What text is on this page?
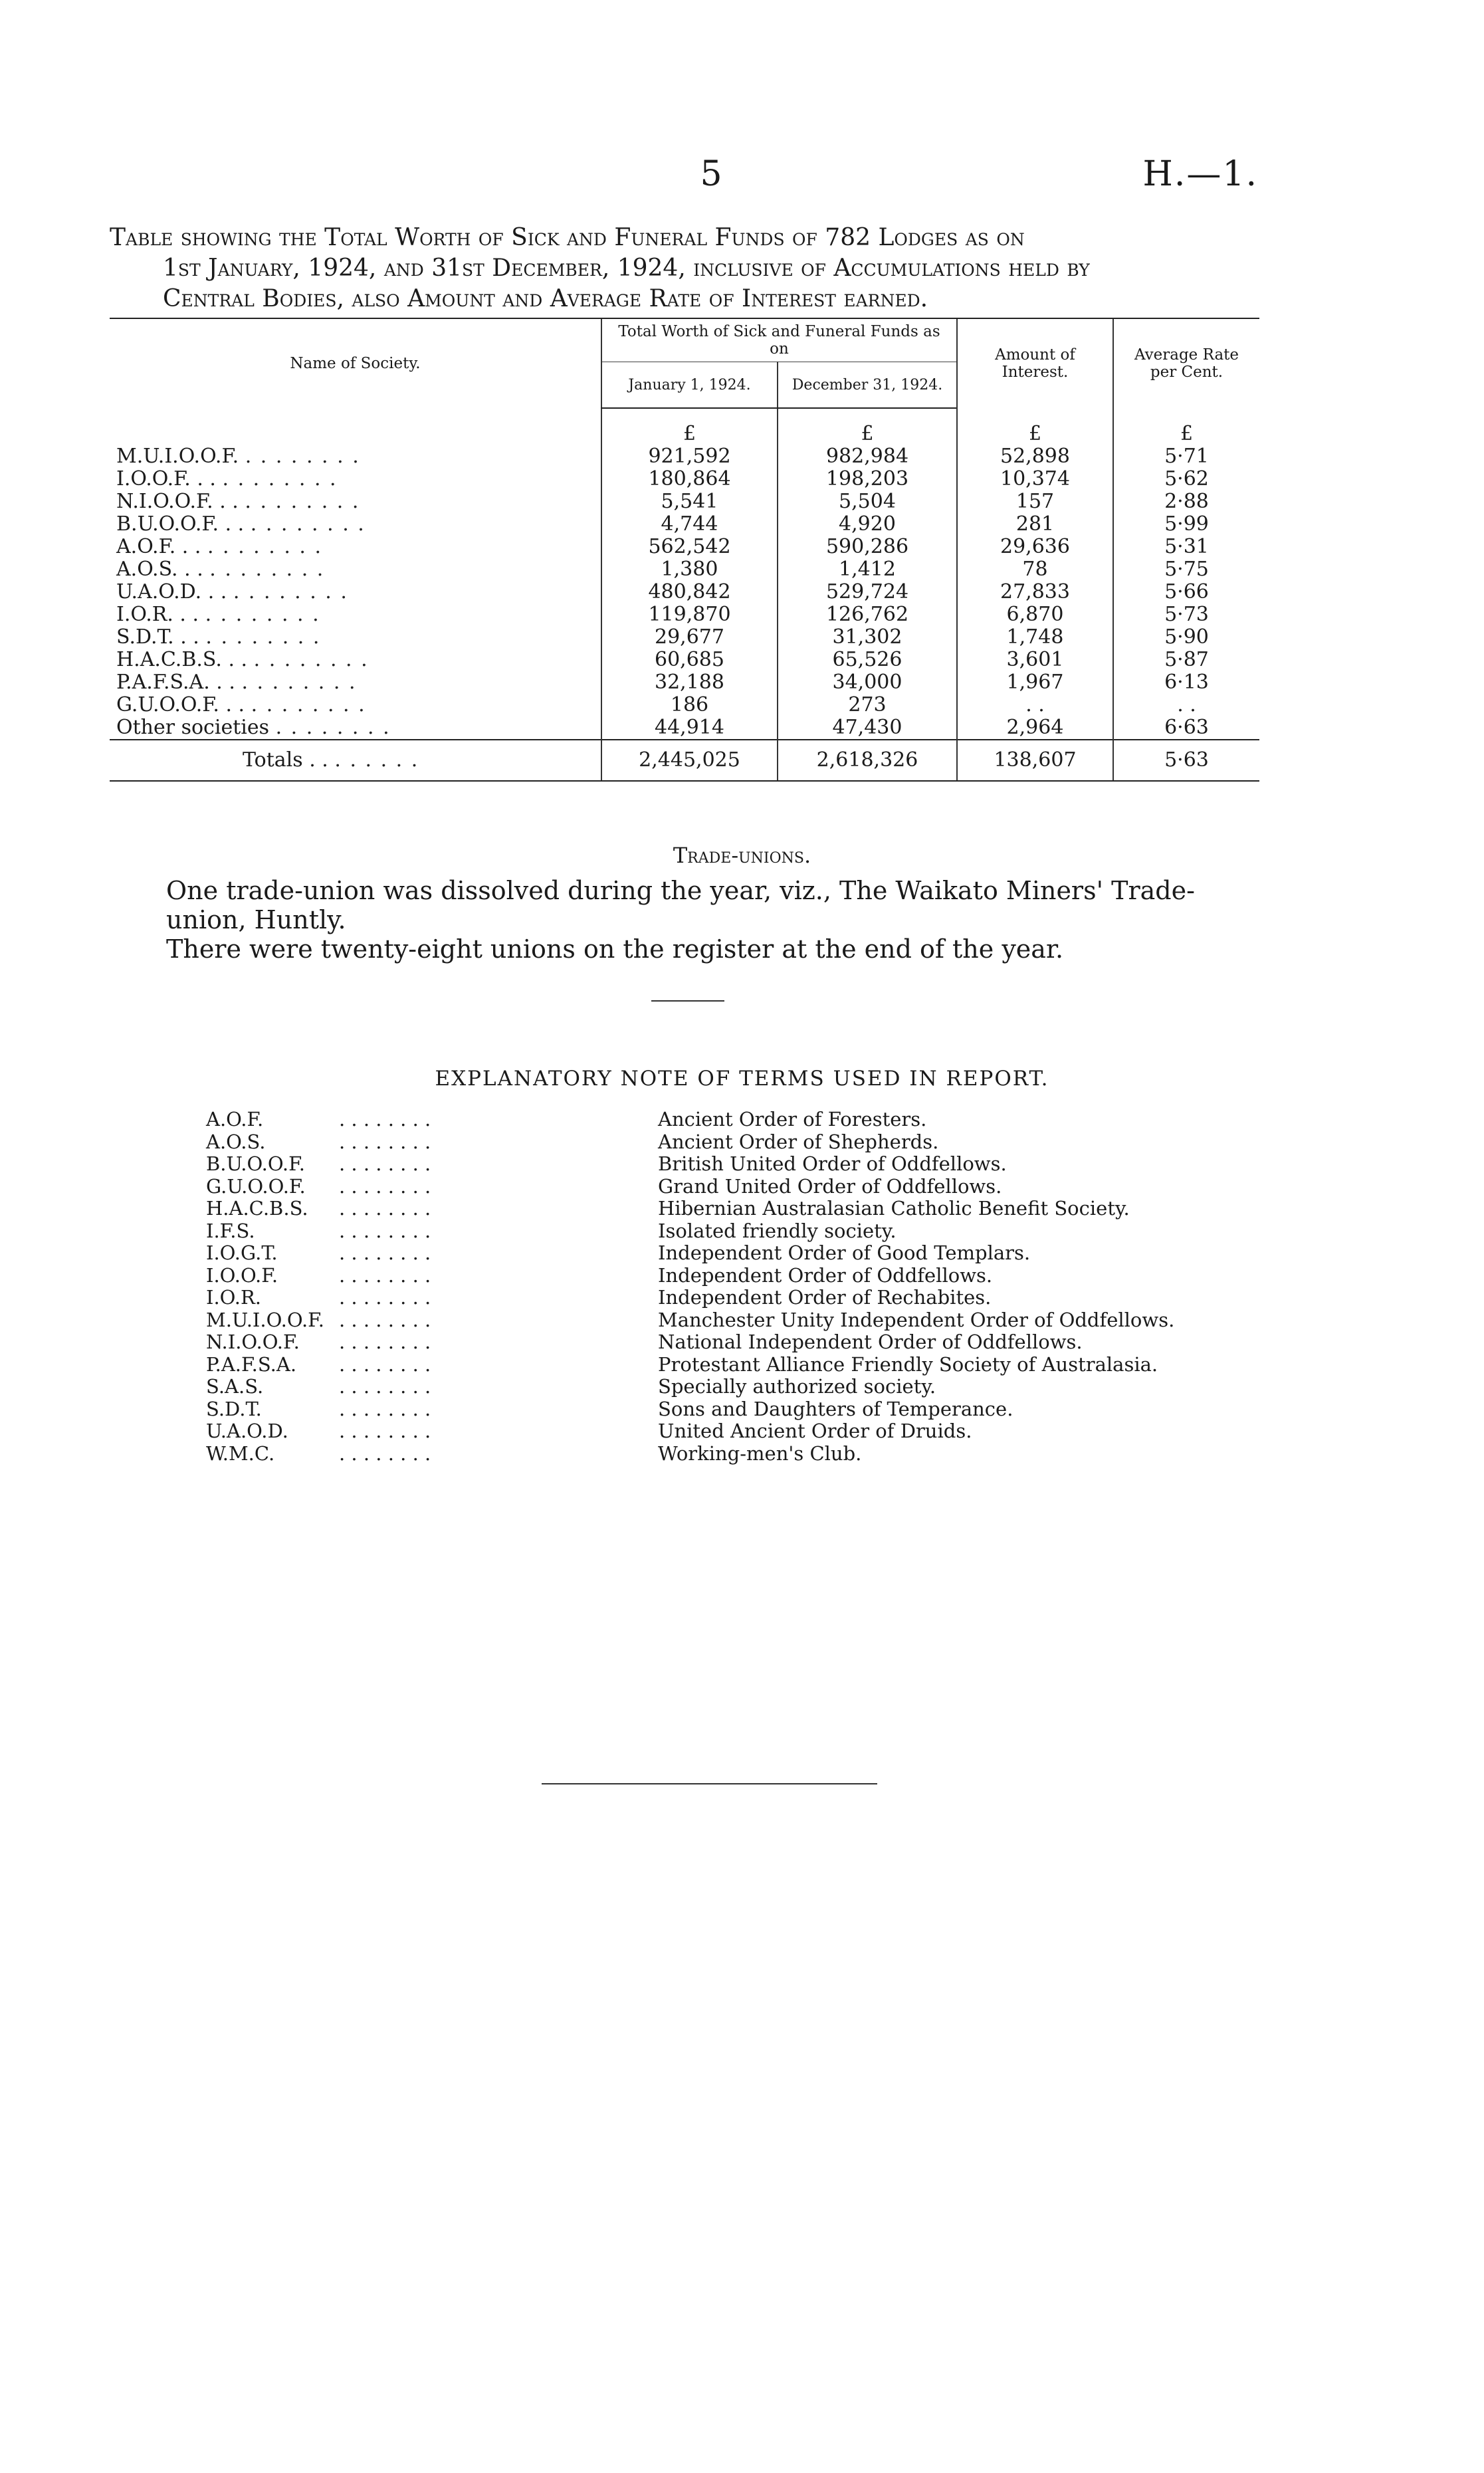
5	H.—1.
Table showing the Total Worth of Sick and Funeral Funds of 782 Lodges as on
1st January, 1924, and 31st December, 1924, inclusive of Accumulations held by
Central Bodies, also Amount and Average Rate of Interest earned.
Name of Society.	Total Worth of Sick and Funeral Funds as on		Amount of Interest.	Average Rate per Cent.
	January 1, 1924.	December 31, 1924.		
	£	£	£	£
M.U.I.O.O.F. . . . . . . . .	921,592	982,984	52,898	5·71
I.O.O.F. . . . . . . . . . .	180,864	198,203	10,374	5·62
N.I.O.O.F. . . . . . . . . . .	5,541	5,504	157	2·88
B.U.O.O.F. . . . . . . . . . .	4,744	4,920	281	5·99
A.O.F. . . . . . . . . . .	562,542	590,286	29,636	5·31
A.O.S. . . . . . . . . . .	1,380	1,412	78	5·75
U.A.O.D. . . . . . . . . . .	480,842	529,724	27,833	5·66
I.O.R. . . . . . . . . . .	119,870	126,762	6,870	5·73
S.D.T. . . . . . . . . . .	29,677	31,302	1,748	5·90
H.A.C.B.S. . . . . . . . . . .	60,685	65,526	3,601	5·87
P.A.F.S.A. . . . . . . . . . .	32,188	34,000	1,967	6·13
G.U.O.O.F. . . . . . . . . . .	186	273	. .	. .
Other societies . . . . . . . .	44,914	47,430	2,964	6·63
Totals . . . . . . . .	2,445,025	2,618,326	138,607	5·63
Trade-unions.
One trade-union was dissolved during the year, viz., The Waikato Miners' Trade-union, Huntly.
There were twenty-eight unions on the register at the end of the year.
EXPLANATORY NOTE OF TERMS USED IN REPORT.
A.O.F.	. . . . . . . .	Ancient Order of Foresters.
A.O.S.	. . . . . . . .	Ancient Order of Shepherds.
B.U.O.O.F.	. . . . . . . .	British United Order of Oddfellows.
G.U.O.O.F.	. . . . . . . .	Grand United Order of Oddfellows.
H.A.C.B.S.	. . . . . . . .	Hibernian Australasian Catholic Benefit Society.
I.F.S.	. . . . . . . .	Isolated friendly society.
I.O.G.T.	. . . . . . . .	Independent Order of Good Templars.
I.O.O.F.	. . . . . . . .	Independent Order of Oddfellows.
I.O.R.	. . . . . . . .	Independent Order of Rechabites.
M.U.I.O.O.F. . . . . . . . .	Manchester Unity Independent Order of Oddfellows.
N.I.O.O.F.	. . . . . . . .	National Independent Order of Oddfellows.
P.A.F.S.A.	. . . . . . . .	Protestant Alliance Friendly Society of Australasia.
S.A.S.	. . . . . . . .	Specially authorized society.
S.D.T.	. . . . . . . .	Sons and Daughters of Temperance.
U.A.O.D.	. . . . . . . .	United Ancient Order of Druids.
W.M.C.	. . . . . . . .	Working-men's Club.
